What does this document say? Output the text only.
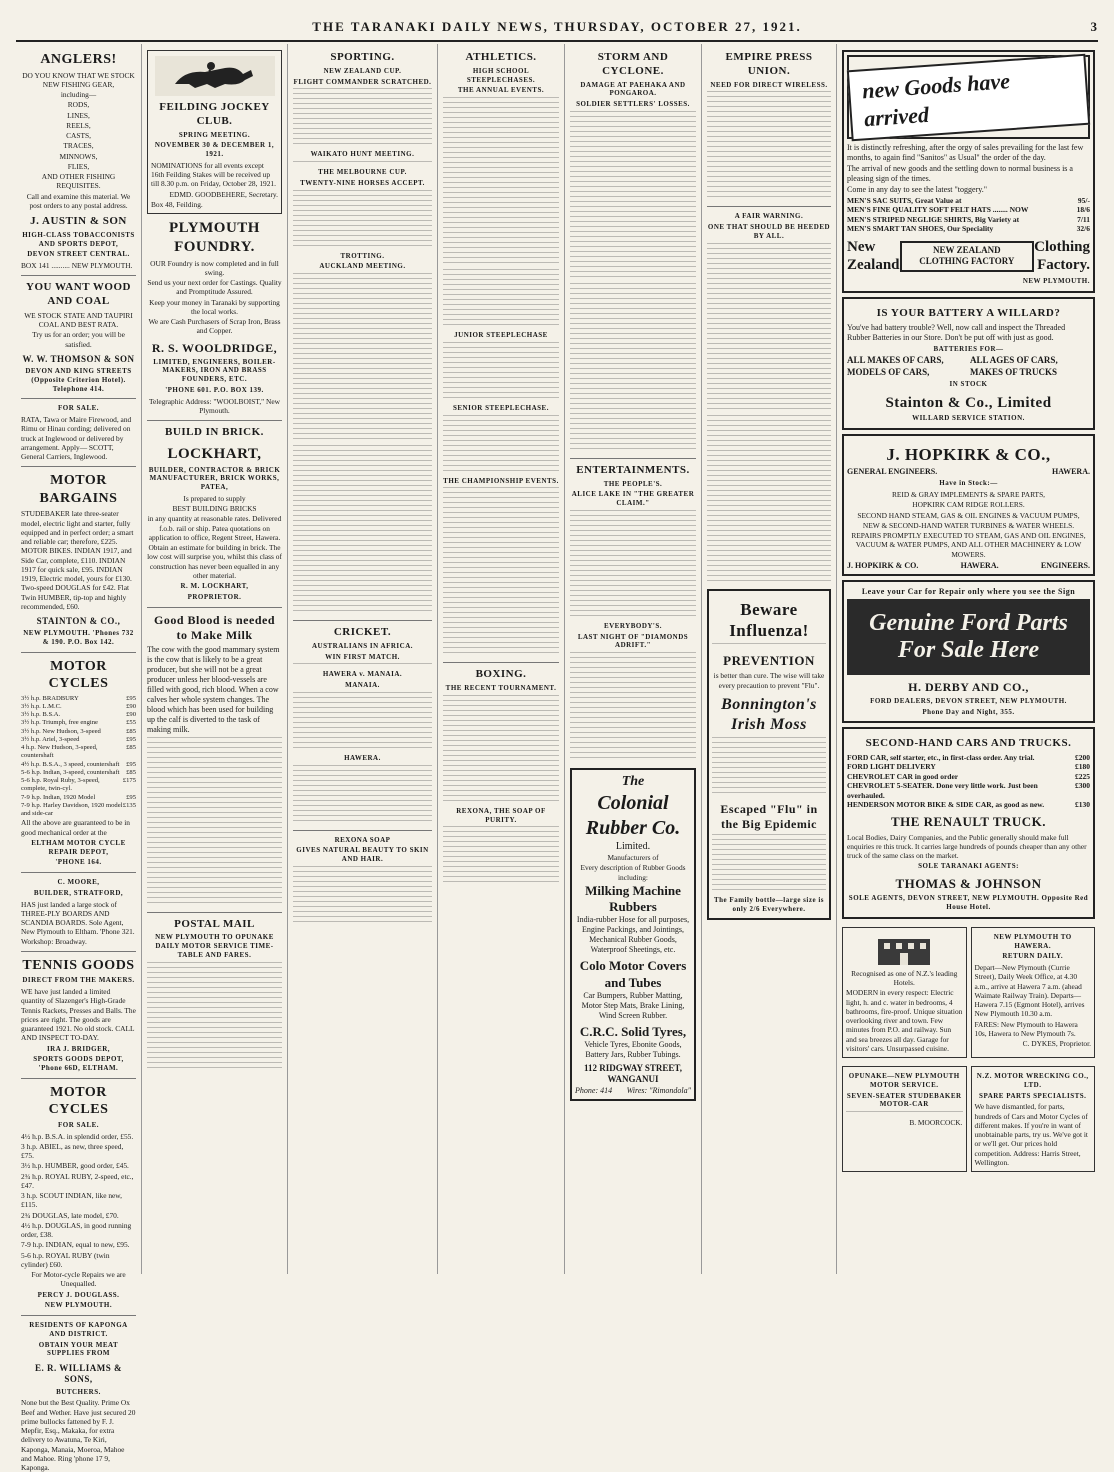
THE TARANAKI DAILY NEWS, THURSDAY, OCTOBER 27, 1921.	3
ANGLERS!
DO YOU KNOW THAT WE STOCK NEW FISHING GEAR,
including—
RODS,
LINES,
REELS,
CASTS,
TRACES,
MINNOWS,
FLIES,
AND OTHER FISHING REQUISITES.
Call and examine this material. We post orders to any postal address.
J. AUSTIN & SON
HIGH-CLASS TOBACCONISTS AND SPORTS DEPOT,
DEVON STREET CENTRAL.
BOX 141 .......... NEW PLYMOUTH.
YOU WANT WOOD AND COAL
WE STOCK STATE AND TAUPIRI COAL AND BEST RATA.
Try us for an order; you will be satisfied.
W. W. THOMSON & SON
DEVON AND KING STREETS (Opposite Criterion Hotel). Telephone 414.
FOR SALE.
RATA, Tawa or Maire Firewood, and Rimu or Hinau cording; delivered on truck at Inglewood or delivered by arrangement. Apply— SCOTT, General Carriers, Inglewood.
MOTOR BARGAINS
STUDEBAKER late three-seater model, electric light and starter, fully equipped and in perfect order; a smart and reliable car; therefore, £225. MOTOR BIKES. INDIAN 1917, and Side Car, complete, £110. INDIAN 1917 for quick sale, £95. INDIAN 1919, Electric model, yours for £130. Two-speed DOUGLAS for £42. Flat Twin HUMBER, tip-top and highly recommended, £60.
STAINTON & CO.,
NEW PLYMOUTH. 'Phones 732 & 190. P.O. Box 142.
MOTOR CYCLES
3½ h.p. BRADBURY	£95
3½ h.p. L.M.C.	£90
3½ h.p. B.S.A.	£90
3½ h.p. Triumph, free engine	£55
3½ h.p. New Hudson, 3-speed	£85
3½ h.p. Ariel, 3-speed	£95
4 h.p. New Hudson, 3-speed, countershaft
£85
4½ h.p. B.S.A., 3 speed, countershaft £95
5-6 h.p. Indian, 3-speed, countershaft £85
5-6 h.p. Royal Ruby, 3-speed, complete, twin-cyl.
£175
7-9 h.p. Indian, 1920 Model	£95
7-9 h.p. Harley Davidson, 1920 model and side-car
£135
All the above are guaranteed to be in good mechanical order at the
ELTHAM MOTOR CYCLE REPAIR DEPOT,
'PHONE 164.
C. MOORE,
BUILDER, STRATFORD,
HAS just landed a large stock of THREE-PLY BOARDS AND SCANDIA BOARDS. Sole Agent, New Plymouth to Eltham. 'Phone 321. Workshop: Broadway.
TENNIS GOODS
DIRECT FROM THE MAKERS.
WE have just landed a limited quantity of Slazenger's High-Grade Tennis Rackets, Presses and Balls. The prices are right. The goods are guaranteed 1921. No old stock. CALL AND INSPECT TO-DAY.
IRA J. BRIDGER,
SPORTS GOODS DEPOT, 'Phone 66D, ELTHAM.
MOTOR CYCLES
FOR SALE.
4½ h.p. B.S.A. in splendid order, £55.
3 h.p. ABIEL, as new, three speed, £75.
3½ h.p. HUMBER, good order, £45.
2¾ h.p. ROYAL RUBY, 2-speed, etc., £47.
3 h.p. SCOUT INDIAN, like new, £115.
2¾ DOUGLAS, late model, £70.
4½ h.p. DOUGLAS, in good running order, £38.
7-9 h.p. INDIAN, equal to new, £95.
5-6 h.p. ROYAL RUBY (twin cylinder) £60.
For Motor-cycle Repairs we are Unequalled.
PERCY J. DOUGLASS.
NEW PLYMOUTH.
RESIDENTS OF KAPONGA AND DISTRICT.
OBTAIN YOUR MEAT SUPPLIES FROM
E. R. WILLIAMS & SONS,
BUTCHERS.
None but the Best Quality. Prime Ox Beef and Wether. Have just secured 20 prime bullocks fattened by F. J. Mepfir, Esq., Makaka, for extra delivery to Awatuna, Te Kiri, Kaponga, Manaia, Moeroa, Mahoe and Mahoe. Ring 'phone 17 9, Kaponga.
FEILDING JOCKEY CLUB.
SPRING MEETING.
NOVEMBER 30 & DECEMBER 1, 1921.
NOMINATIONS for all events except 16th Feilding Stakes will be received up till 8.30 p.m. on Friday, October 28, 1921.
EDMD. GOODBEHERE, Secretary.
Box 48, Feilding.
PLYMOUTH FOUNDRY.
OUR Foundry is now completed and in full swing.
Send us your next order for Castings. Quality and Promptitude Assured.
Keep your money in Taranaki by supporting the local works.
We are Cash Purchasers of Scrap Iron, Brass and Copper.
R. S. WOOLDRIDGE,
LIMITED, ENGINEERS, BOILER-MAKERS, IRON AND BRASS FOUNDERS, ETC.
'PHONE 601. P.O. BOX 139.
Telegraphic Address: "WOOLBOIST," New Plymouth.
BUILD IN BRICK.
LOCKHART,
BUILDER, CONTRACTOR & BRICK MANUFACTURER, BRICK WORKS, PATEA,
Is prepared to supply
BEST BUILDING BRICKS
in any quantity at reasonable rates. Delivered f.o.b. rail or ship. Patea quotations on application to office, Regent Street, Hawera.
Obtain an estimate for building in brick. The low cost will surprise you, whilst this class of construction has never been equalled in any other material.
R. M. LOCKHART,
PROPRIETOR.
Good Blood is needed to Make Milk
The cow with the good mammary system is the cow that is likely to be a great producer, but she will not be a great producer unless her blood-vessels are filled with good, rich blood. When a cow calves her whole system changes. The blood which has been used for building up the calf is diverted to the task of making milk.
POSTAL MAIL
NEW PLYMOUTH TO OPUNAKE DAILY MOTOR SERVICE TIME-TABLE AND FARES.
SPORTING.
NEW ZEALAND CUP.
FLIGHT COMMANDER SCRATCHED.
WAIKATO HUNT MEETING.
THE MELBOURNE CUP.
TWENTY-NINE HORSES ACCEPT.
TROTTING.
AUCKLAND MEETING.
CRICKET.
AUSTRALIANS IN AFRICA.
WIN FIRST MATCH.
HAWERA v. MANAIA.
MANAIA.
HAWERA.
REXONA SOAP
GIVES NATURAL BEAUTY TO SKIN AND HAIR.
ATHLETICS.
HIGH SCHOOL STEEPLECHASES.
THE ANNUAL EVENTS.
JUNIOR STEEPLECHASE
SENIOR STEEPLECHASE.
THE CHAMPIONSHIP EVENTS.
BOXING.
THE RECENT TOURNAMENT.
REXONA, THE SOAP OF PURITY.
STORM AND CYCLONE.
DAMAGE AT PAEHAKA AND PONGAROA.
SOLDIER SETTLERS' LOSSES.
ENTERTAINMENTS.
THE PEOPLE'S.
ALICE LAKE IN "THE GREATER CLAIM."
EVERYBODY'S.
LAST NIGHT OF "DIAMONDS ADRIFT."
The
Colonial Rubber Co.
Limited.
Manufacturers of
Every description of Rubber Goods including:
Milking Machine Rubbers
India-rubber Hose for all purposes, Engine Packings, and Jointings, Mechanical Rubber Goods, Waterproof Sheetings, etc.
Colo Motor Covers and Tubes
Car Bumpers, Rubber Matting, Motor Step Mats, Brake Lining, Wind Screen Rubber.
C.R.C. Solid Tyres,
Vehicle Tyres, Ebonite Goods, Battery Jars, Rubber Tubings.
112 RIDGWAY STREET, WANGANUI
Phone: 414 Wires: "Rimondola"
EMPIRE PRESS UNION.
NEED FOR DIRECT WIRELESS.
A FAIR WARNING.
ONE THAT SHOULD BE HEEDED BY ALL.
Beware Influenza!
PREVENTION
is better than cure. The wise will take every precaution to prevent "Flu".
Bonnington's Irish Moss
Escaped "Flu" in the Big Epidemic
The Family bottle—large size is only 2/6 Everywhere.
new Goods have arrived
It is distinctly refreshing, after the orgy of sales prevailing for the last few months, to again find "Sanitos" as Usual" the order of the day.
The arrival of new goods and the settling down to normal business is a pleasing sign of the times.
Come in any day to see the latest "toggery."
MEN'S SAC SUITS, Great Value at	95/-
MEN'S FINE QUALITY SOFT FELT HATS ........ NOW	18/6
MEN'S STRIPED NEGLIGE SHIRTS, Big Variety at	7/11
MEN'S SMART TAN SHOES, Our Speciality	32/6
New
Zealand
NEW ZEALAND CLOTHING FACTORY
Clothing
Factory.
NEW PLYMOUTH.
IS YOUR BATTERY A WILLARD?
You've had battery trouble? Well, now call and inspect the Threaded Rubber Batteries in our Store. Don't be put off with just as good.
BATTERIES FOR—
ALL MAKES OF CARS, MODELS OF CARS,
ALL AGES OF CARS, MAKES OF TRUCKS
IN STOCK
Stainton & Co., Limited
WILLARD SERVICE STATION.
J. HOPKIRK & CO.,
GENERAL ENGINEERS.	HAWERA.
Have in Stock:—
REID & GRAY IMPLEMENTS & SPARE PARTS,
HOPKIRK CAM RIDGE ROLLERS.
SECOND HAND STEAM, GAS & OIL ENGINES & VACUUM PUMPS,
NEW & SECOND-HAND WATER TURBINES & WATER WHEELS.
REPAIRS PROMPTLY EXECUTED TO STEAM, GAS AND OIL ENGINES, VACUUM & WATER PUMPS, AND ALL OTHER MACHINERY & LOW MOWERS.
J. HOPKIRK & CO.	HAWERA.	ENGINEERS.
Leave your Car for Repair only where you see the Sign
Genuine Ford Parts
For Sale Here
H. DERBY AND CO.,
FORD DEALERS, DEVON STREET, NEW PLYMOUTH.
Phone Day and Night, 355.
SECOND-HAND CARS AND TRUCKS.
FORD CAR, self starter, etc., in first-class order. Any trial.	£200
FORD LIGHT DELIVERY	£180
CHEVROLET CAR in good order	£225
CHEVROLET 5-SEATER. Done very little work. Just been overhauled.
£300
HENDERSON MOTOR BIKE & SIDE CAR, as good as new.	£130
THE RENAULT TRUCK.
Local Bodies, Dairy Companies, and the Public generally should make full enquiries re this truck. It carries large hundreds of pounds cheaper than any other truck of the same class on the market.
SOLE TARANAKI AGENTS:
THOMAS & JOHNSON
SOLE AGENTS, DEVON STREET, NEW PLYMOUTH. Opposite Red House Hotel.
Recognised as one of N.Z.'s leading Hotels.
MODERN in every respect: Electric light, h. and c. water in bedrooms, 4 bathrooms, fire-proof. Unique situation overlooking river and town. Few minutes from P.O. and railway. Sun and sea breezes all day. Garage for visitors' cars. Unsurpassed cuisine.
NEW PLYMOUTH TO HAWERA.
RETURN DAILY.
Depart—New Plymouth (Currie Street), Daily Week Office, at 4.30 a.m., arrive at Hawera 7 a.m. (ahead Waimate Railway Train). Departs—Hawera 7.15 (Egmont Hotel), arrives New Plymouth 10.30 a.m.
FARES: New Plymouth to Hawera 10s, Hawera to New Plymouth 7s.
C. DYKES, Proprietor.
OPUNAKE—NEW PLYMOUTH MOTOR SERVICE.
SEVEN-SEATER STUDEBAKER MOTOR-CAR
B. MOORCOCK.
N.Z. MOTOR WRECKING CO., LTD.
SPARE PARTS SPECIALISTS.
We have dismantled, for parts, hundreds of Cars and Motor Cycles of different makes. If you're in want of unobtainable parts, try us. We've got it or we'll get. Our prices hold competition. Address: Harris Street, Wellington.
